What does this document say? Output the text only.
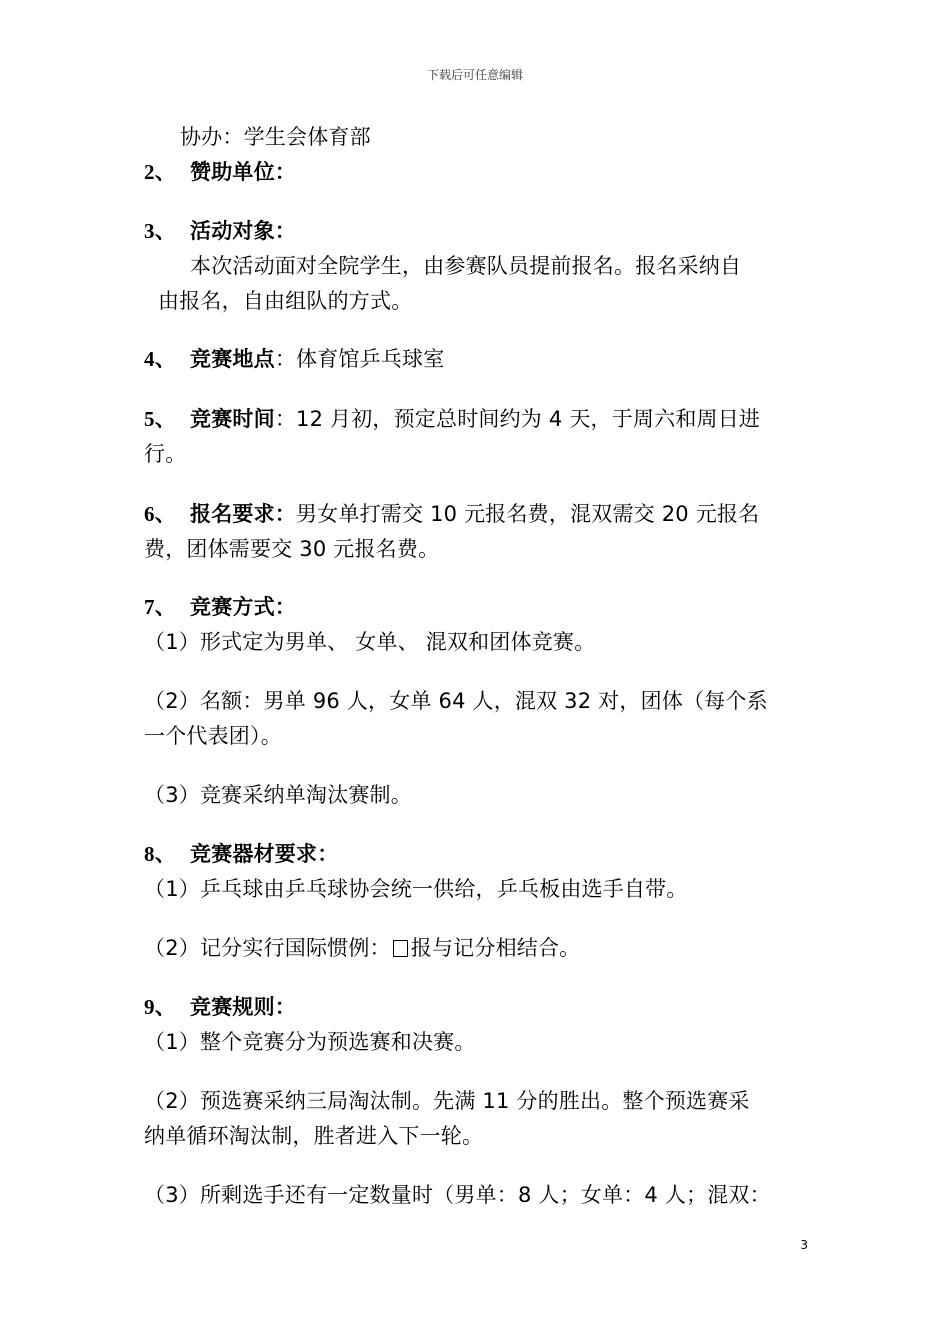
下载后可任意编辑
协办：学生会体育部
2、 赞助单位：
3、 活动对象：
本次活动面对全院学生，由参赛队员提前报名。报名采纳自
由报名，自由组队的方式。
4、 竞赛地点：体育馆乒乓球室
5、 竞赛时间：12 月初，预定总时间约为 4 天，于周六和周日进
行。
6、 报名要求：男女单打需交 10 元报名费，混双需交 20 元报名
费，团体需要交 30 元报名费。
7、 竞赛方式：
（1）形式定为男单、 女单、 混双和团体竞赛。
（2）名额：男单 96 人，女单 64 人，混双 32 对，团体（每个系
一个代表团）。
（3）竞赛采纳单淘汰赛制。
8、 竞赛器材要求：
（1）乒乓球由乒乓球协会统一供给，乒乓板由选手自带。
（2）记分实行国际惯例： 报与记分相结合。
9、 竞赛规则：
（1）整个竞赛分为预选赛和决赛。
（2）预选赛采纳三局淘汰制。先满 11 分的胜出。整个预选赛采
纳单循环淘汰制，胜者进入下一轮。
（3）所剩选手还有一定数量时（男单：8 人；女单：4 人；混双：
3
